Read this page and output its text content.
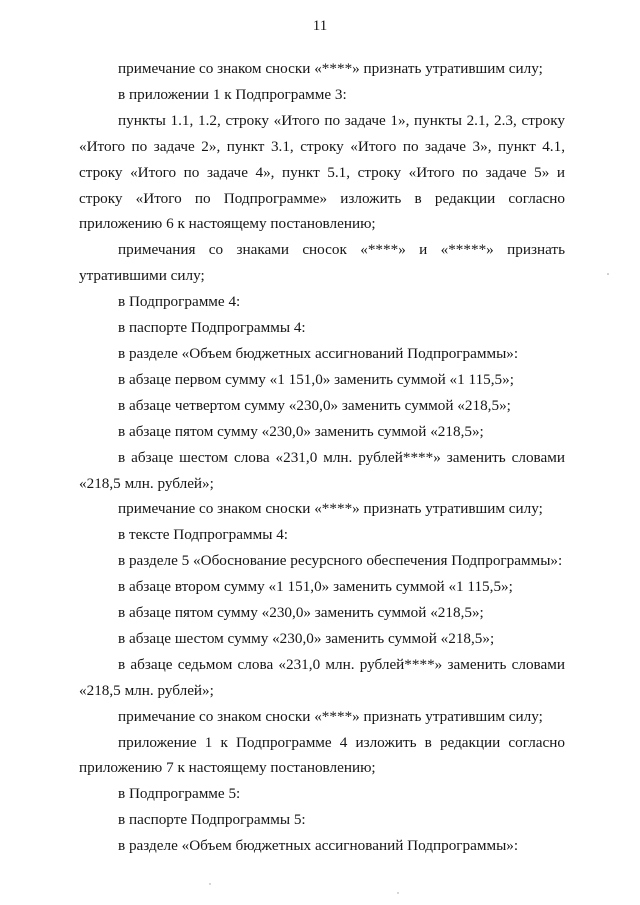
11

примечание со знаком сноски «****» признать утратившим силу;

в приложении 1 к Подпрограмме 3:

пункты 1.1, 1.2, строку «Итого по задаче 1», пункты 2.1, 2.3, строку «Итого по задаче 2», пункт 3.1, строку «Итого по задаче 3», пункт 4.1, строку «Итого по задаче 4», пункт 5.1, строку «Итого по задаче 5» и строку «Итого по Подпрограмме» изложить в редакции согласно приложению 6 к настоящему постановлению;

примечания со знаками сносок «****» и «*****» признать утратившими силу;

в Подпрограмме 4:

в паспорте Подпрограммы 4:

в разделе «Объем бюджетных ассигнований Подпрограммы»:

в абзаце первом сумму «1 151,0» заменить суммой «1 115,5»;

в абзаце четвертом сумму «230,0» заменить суммой «218,5»;

в абзаце пятом сумму «230,0» заменить суммой «218,5»;

в абзаце шестом слова «231,0 млн. рублей****» заменить словами «218,5 млн. рублей»;

примечание со знаком сноски «****» признать утратившим силу;

в тексте Подпрограммы 4:

в разделе 5 «Обоснование ресурсного обеспечения Подпрограммы»:

в абзаце втором сумму «1 151,0» заменить суммой «1 115,5»;

в абзаце пятом сумму «230,0» заменить суммой «218,5»;

в абзаце шестом сумму «230,0» заменить суммой «218,5»;

в абзаце седьмом слова «231,0 млн. рублей****» заменить словами «218,5 млн. рублей»;

примечание со знаком сноски «****» признать утратившим силу;

приложение 1 к Подпрограмме 4 изложить в редакции согласно приложению 7 к настоящему постановлению;

в Подпрограмме 5:

в паспорте Подпрограммы 5:

в разделе «Объем бюджетных ассигнований Подпрограммы»:
